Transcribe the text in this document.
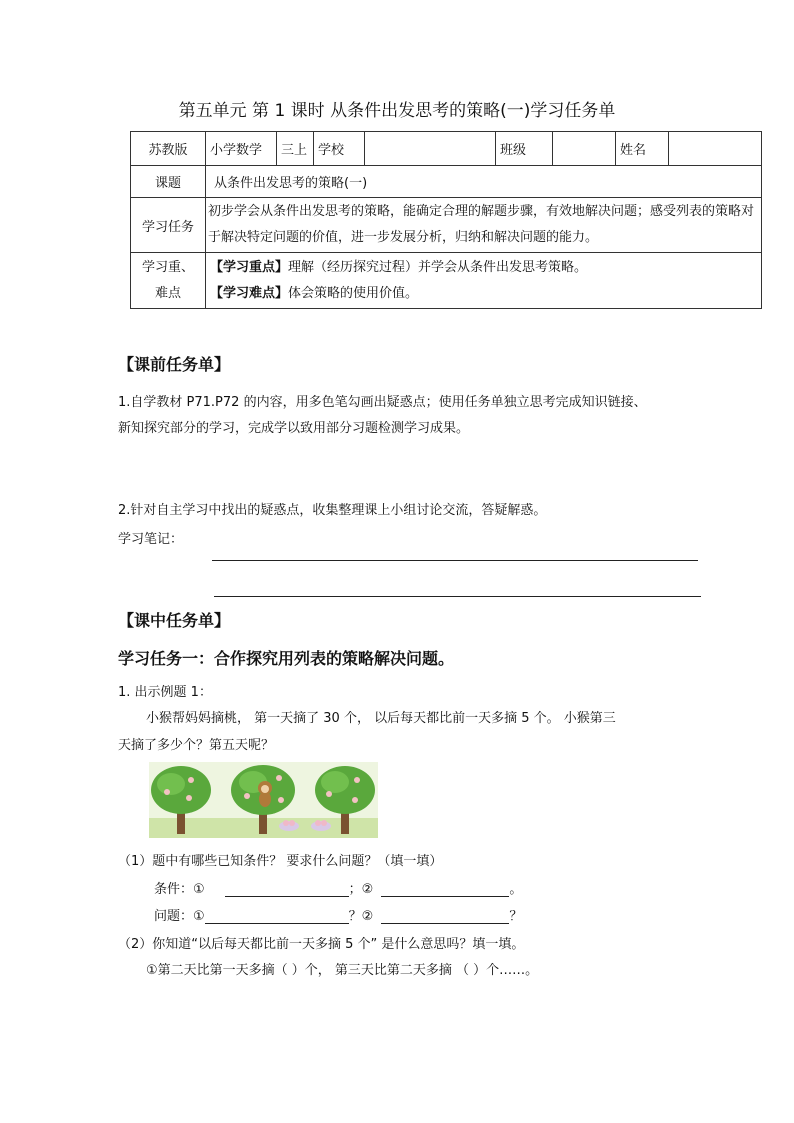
第五单元 第 1 课时 从条件出发思考的策略(一)学习任务单
苏教版	小学数学	三上	学校		班级		姓名	
课题	从条件出发思考的策略(一)							
学习任务	初步学会从条件出发思考的策略，能确定合理的解题步骤，有效地解决问题；感受列表的策略对于解决特定问题的价值，进一步发展分析，归纳和解决问题的能力。							
学习重、
难点	【学习重点】理解（经历探究过程）并学会从条件出发思考策略。
【学习难点】体会策略的使用价值。							
【课前任务单】
1.自学教材 P71.P72 的内容，用多色笔勾画出疑惑点；使用任务单独立思考完成知识链接、
新知探究部分的学习，完成学以致用部分习题检测学习成果。
2.针对自主学习中找出的疑惑点，收集整理课上小组讨论交流，答疑解惑。
学习笔记：
【课中任务单】
学习任务一：合作探究用列表的策略解决问题。
1. 出示例题 1：
小猴帮妈妈摘桃， 第一天摘了 30 个， 以后每天都比前一天多摘 5 个。 小猴第三
天摘了多少个？第五天呢？
（1）题中有哪些已知条件？ 要求什么问题？（填一填）
条件：①	；②	。
问题：①	？②	？
（2）你知道“以后每天都比前一天多摘 5 个” 是什么意思吗？填一填。
①第二天比第一天多摘（ ）个， 第三天比第二天多摘 （ ）个……。
